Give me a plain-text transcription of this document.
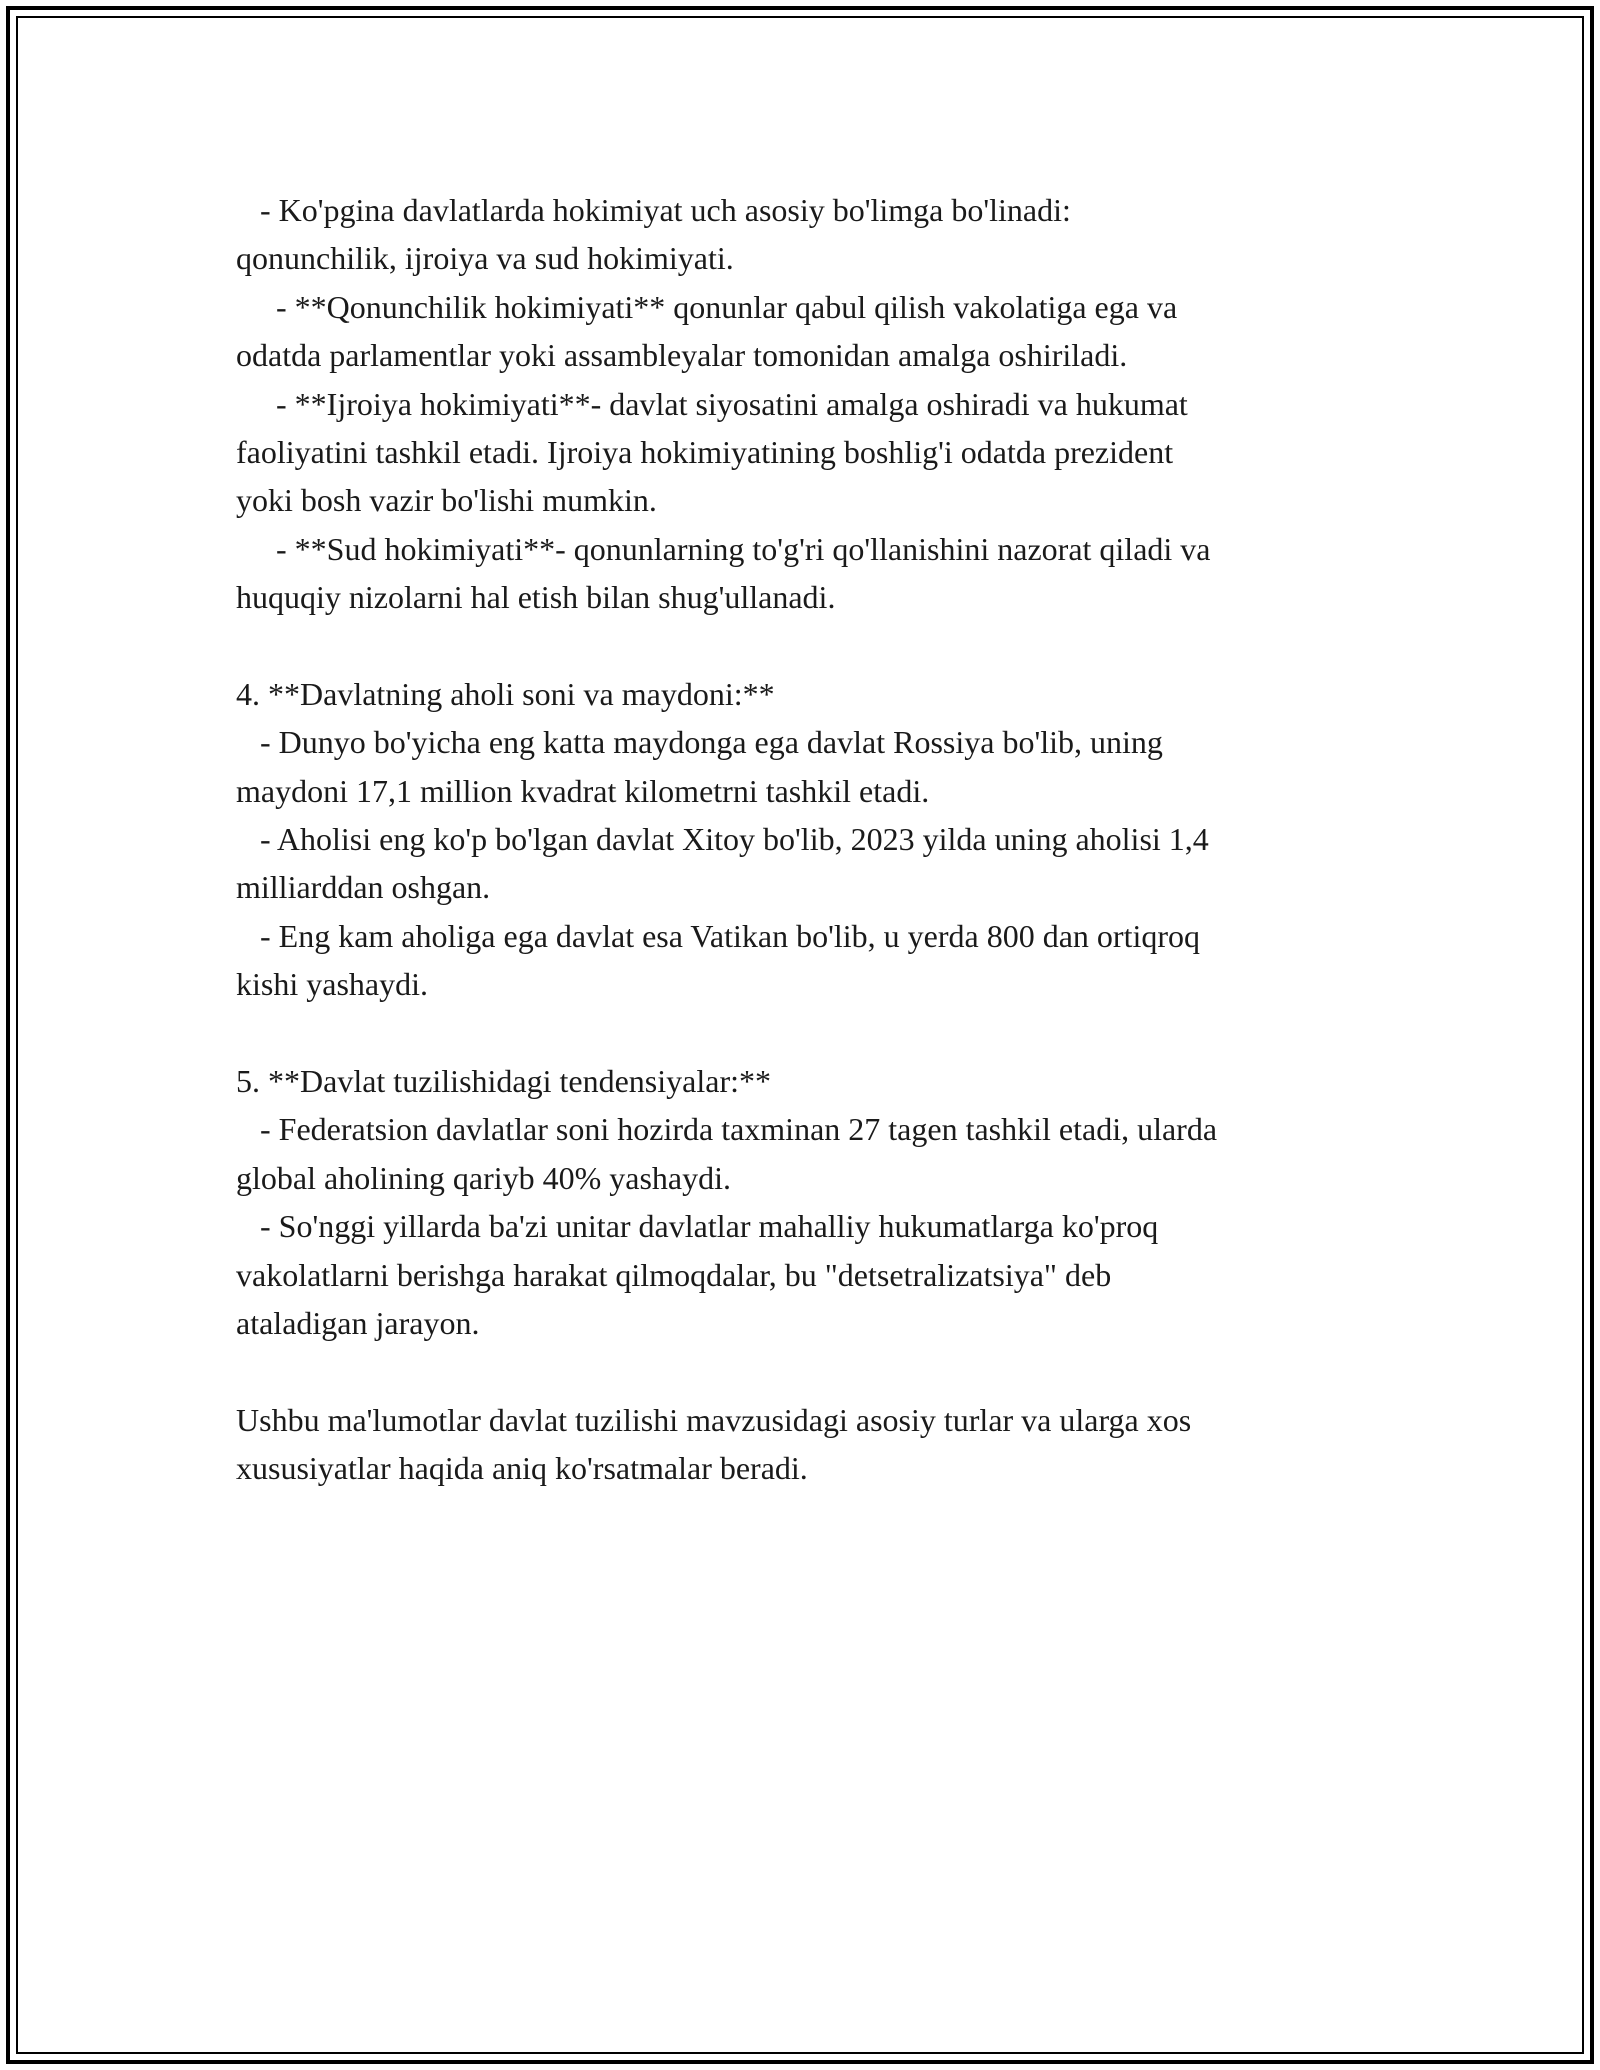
- Ko'pgina davlatlarda hokimiyat uch asosiy bo'limga bo'linadi:
qonunchilik, ijroiya va sud hokimiyati.
- **Qonunchilik hokimiyati** qonunlar qabul qilish vakolatiga ega va
odatda parlamentlar yoki assambleyalar tomonidan amalga oshiriladi.
- **Ijroiya hokimiyati**- davlat siyosatini amalga oshiradi va hukumat
faoliyatini tashkil etadi. Ijroiya hokimiyatining boshlig'i odatda prezident
yoki bosh vazir bo'lishi mumkin.
- **Sud hokimiyati**- qonunlarning to'g'ri qo'llanishini nazorat qiladi va
huquqiy nizolarni hal etish bilan shug'ullanadi.
4. **Davlatning aholi soni va maydoni:**
- Dunyo bo'yicha eng katta maydonga ega davlat Rossiya bo'lib, uning
maydoni 17,1 million kvadrat kilometrni tashkil etadi.
- Aholisi eng ko'p bo'lgan davlat Xitoy bo'lib, 2023 yilda uning aholisi 1,4
milliarddan oshgan.
- Eng kam aholiga ega davlat esa Vatikan bo'lib, u yerda 800 dan ortiqroq
kishi yashaydi.
5. **Davlat tuzilishidagi tendensiyalar:**
- Federatsion davlatlar soni hozirda taxminan 27 tagen tashkil etadi, ularda
global aholining qariyb 40% yashaydi.
- So'nggi yillarda ba'zi unitar davlatlar mahalliy hukumatlarga ko'proq
vakolatlarni berishga harakat qilmoqdalar, bu "detsetralizatsiya" deb
ataladigan jarayon.
Ushbu ma'lumotlar davlat tuzilishi mavzusidagi asosiy turlar va ularga xos
xususiyatlar haqida aniq ko'rsatmalar beradi.
